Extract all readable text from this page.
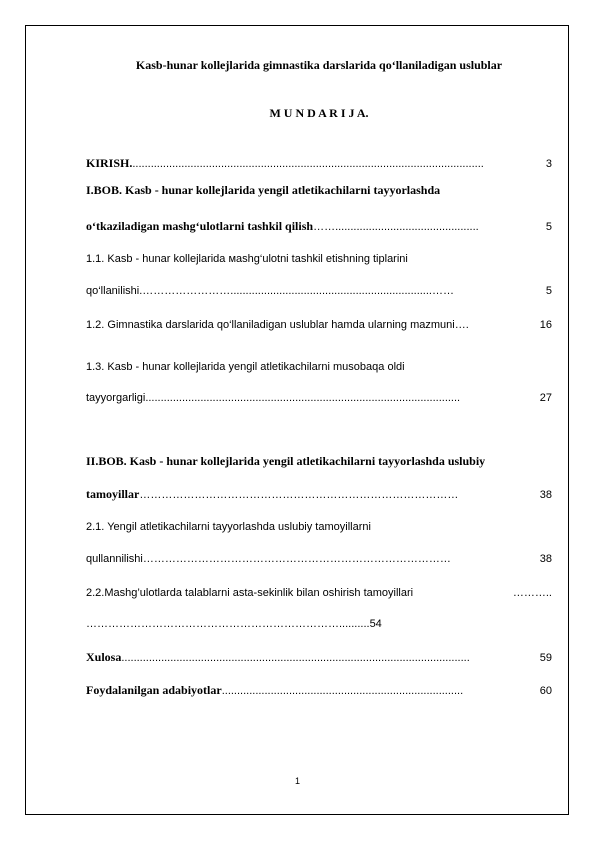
Kasb-hunar kollejlarida gimnastika darslarida qo‘llaniladigan uslublar
M U N D A R I J A.
KIRISH. ...................................................................................................................	3
I.BOB. Kasb - hunar kollejlarida yengil atletikachilarni tayyorlashda
o‘tkaziladigan mashg‘ulotlarni tashkil qilish ……...............................................	5
1.1. Kasb - hunar kollejlarida мashg‘ulotni tashkil etishning tiplarini
qo‘llanilishi. ……………………..................................................................……	5
1.2. Gimnastika darslarida qo‘llaniladigan uslublar hamda ularning mazmuni ….	16
1.3. Kasb - hunar kollejlarida yengil atletikachilarni musobaqa oldi
tayyorgarligi .......................................................................................................	27
II.BOB. Kasb - hunar kollejlarida yengil atletikachilarni tayyorlashda uslubiy
tamoyillar ……………………………………………………………………………	38
2.1. Yengil atletikachilarni tayyorlashda uslubiy tamoyillarni
qullannilishi …………………………………………………………………………	38
2.2.Mashg’ulotlarda talablarni asta-sekinlik bilan oshirish tamoyillari	………..
……………………………………………………………..........54
Xulosa ..................................................................................................................	59
Foydalanilgan adabiyotlar ...............................................................................	60
1
